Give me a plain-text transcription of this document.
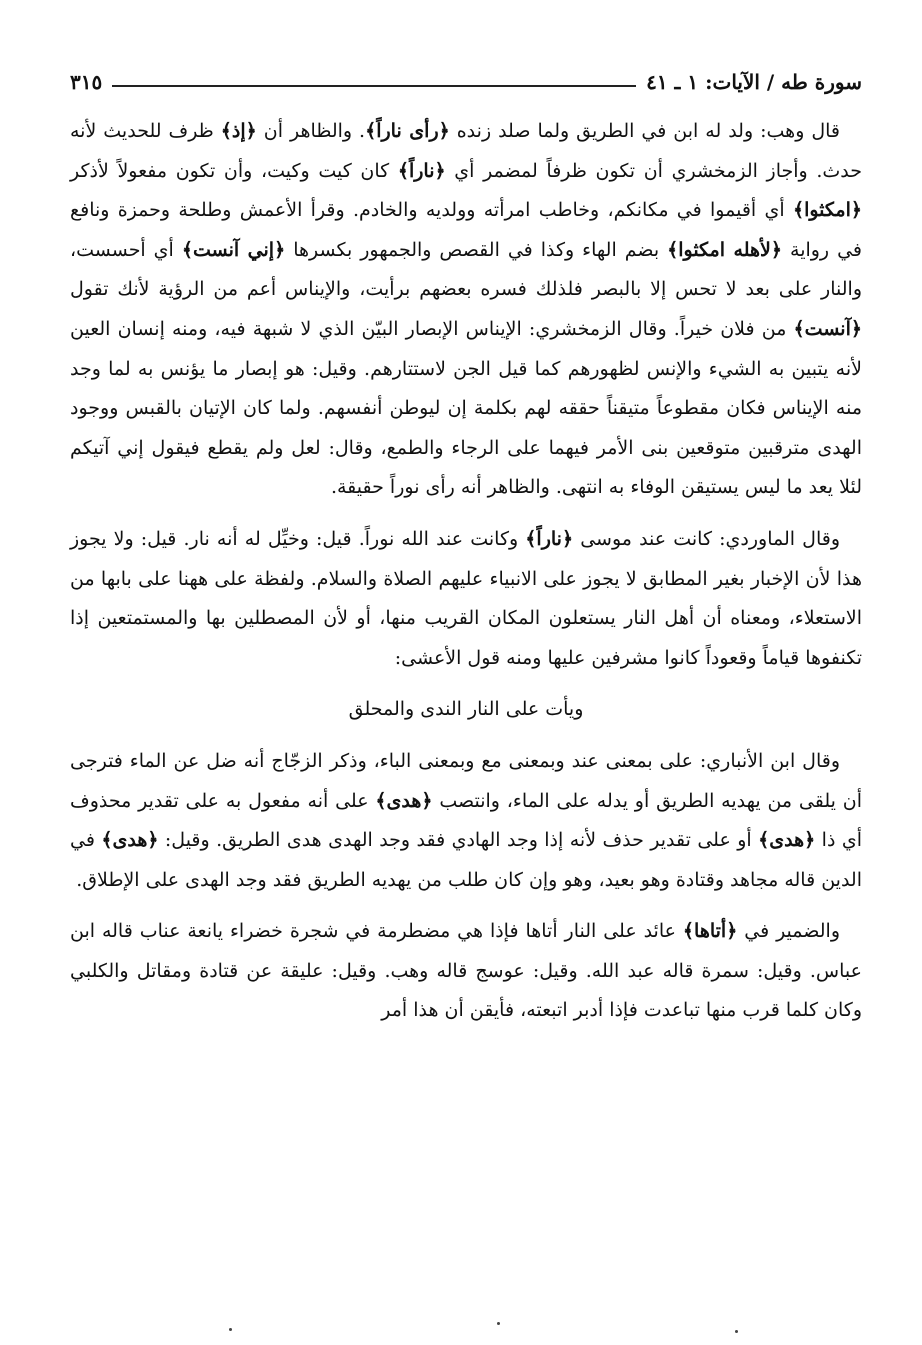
سورة طه / الآيات: ١ ـ ٤١
٣١٥

قال وهب: ولد له ابن في الطريق ولما صلد زنده ﴿رأى ناراً﴾. والظاهر أن ﴿إذ﴾ ظرف للحديث لأنه حدث. وأجاز الزمخشري أن تكون ظرفاً لمضمر أي ﴿ناراً﴾ كان كيت وكيت، وأن تكون مفعولاً لأذكر ﴿امكثوا﴾ أي أقيموا في مكانكم، وخاطب امرأته وولديه والخادم. وقرأ الأعمش وطلحة وحمزة ونافع في رواية ﴿لأهله امكثوا﴾ بضم الهاء وكذا في القصص والجمهور بكسرها ﴿إني آنست﴾ أي أحسست، والنار على بعد لا تحس إلا بالبصر فلذلك فسره بعضهم برأيت، والإيناس أعم من الرؤية لأنك تقول ﴿آنست﴾ من فلان خيراً. وقال الزمخشري: الإيناس الإبصار البيّن الذي لا شبهة فيه، ومنه إنسان العين لأنه يتبين به الشيء والإنس لظهورهم كما قيل الجن لاستتارهم. وقيل: هو إبصار ما يؤنس به لما وجد منه الإيناس فكان مقطوعاً متيقناً حققه لهم بكلمة إن ليوطن أنفسهم. ولما كان الإتيان بالقبس ووجود الهدى مترقبين متوقعين بنى الأمر فيهما على الرجاء والطمع، وقال: لعل ولم يقطع فيقول إني آتيكم لئلا يعد ما ليس يستيقن الوفاء به انتهى. والظاهر أنه رأى نوراً حقيقة.

وقال الماوردي: كانت عند موسى ﴿ناراً﴾ وكانت عند الله نوراً. قيل: وخيِّل له أنه نار. قيل: ولا يجوز هذا لأن الإخبار بغير المطابق لا يجوز على الانبياء عليهم الصلاة والسلام. ولفظة على ههنا على بابها من الاستعلاء، ومعناه أن أهل النار يستعلون المكان القريب منها، أو لأن المصطلين بها والمستمتعين إذا تكنفوها قياماً وقعوداً كانوا مشرفين عليها ومنه قول الأعشى:

ويأت على النار الندى والمحلق

وقال ابن الأنباري: على بمعنى عند وبمعنى مع وبمعنى الباء، وذكر الزجّاج أنه ضل عن الماء فترجى أن يلقى من يهديه الطريق أو يدله على الماء، وانتصب ﴿هدى﴾ على أنه مفعول به على تقدير محذوف أي ذا ﴿هدى﴾ أو على تقدير حذف لأنه إذا وجد الهادي فقد وجد الهدى هدى الطريق. وقيل: ﴿هدى﴾ في الدين قاله مجاهد وقتادة وهو بعيد، وهو وإن كان طلب من يهديه الطريق فقد وجد الهدى على الإطلاق.

والضمير في ﴿أتاها﴾ عائد على النار أتاها فإذا هي مضطرمة في شجرة خضراء يانعة عناب قاله ابن عباس. وقيل: سمرة قاله عبد الله. وقيل: عوسج قاله وهب. وقيل: عليقة عن قتادة ومقاتل والكلبي وكان كلما قرب منها تباعدت فإذا أدبر اتبعته، فأيقن أن هذا أمر
